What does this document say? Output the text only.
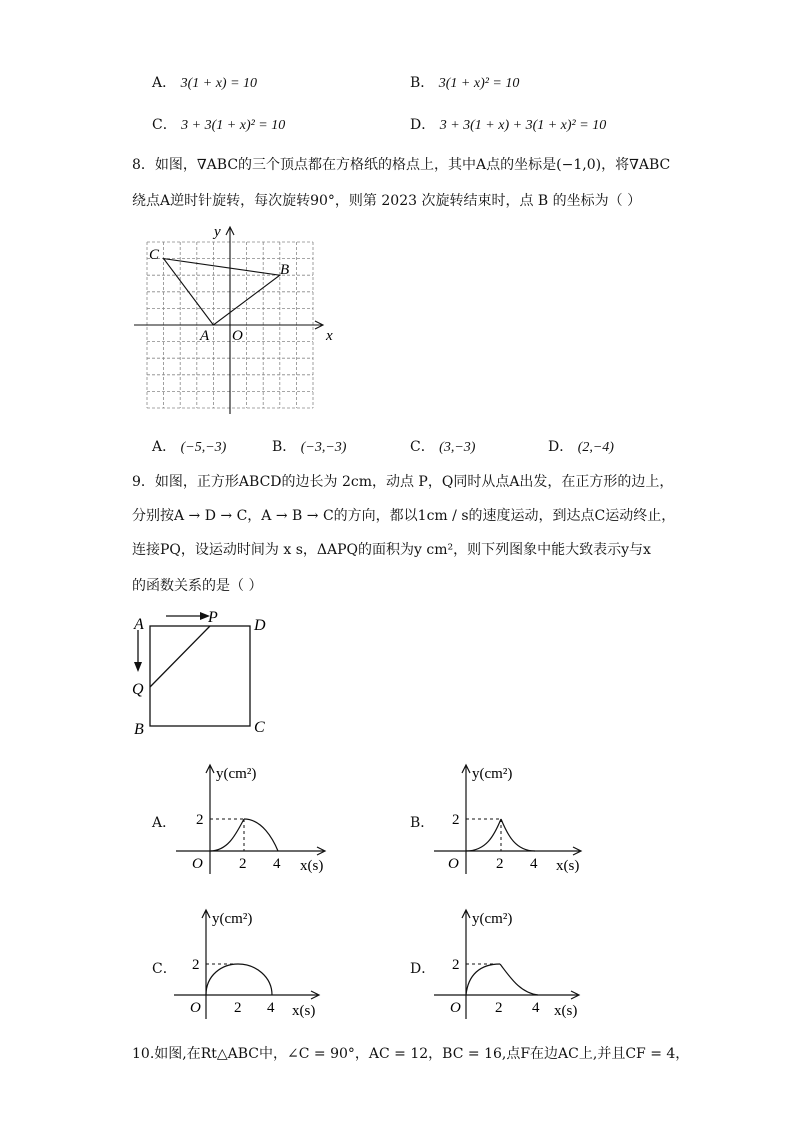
A． 3(1 + x) = 10	B． 3(1 + x)² = 10
C． 3 + 3(1 + x)² = 10	D． 3 + 3(1 + x) + 3(1 + x)² = 10
8．如图，∇ABC的三个顶点都在方格纸的格点上，其中A点的坐标是(−1,0)，将∇ABC
绕点A逆时针旋转，每次旋转90°，则第 2023 次旋转结束时，点 B 的坐标为（ ）
x
y
O
A
B
C
A． (−5,−3)	B． (−3,−3)	C． (3,−3)	D． (2,−4)
9．如图，正方形ABCD的边长为 2cm，动点 P，Q同时从点A出发，在正方形的边上，
分别按A → D → C，A → B → C的方向，都以1cm / s的速度运动，到达点C运动终止，
连接PQ，设运动时间为 x s，ΔAPQ的面积为y cm²，则下列图象中能大致表示y与x
的函数关系的是（ ）
A	P D
Q
B	C
A．
y(cm²)
2
O 2 4 x(s)
B．
y(cm²)
2
O 2 4 x(s)
C．
y(cm²)
2
O 2 4 x(s)
D．
y(cm²)
2
O 2 4 x(s)
10.如图,在Rt△ABC中，∠C = 90°，AC = 12，BC = 16,点F在边AC上,并且CF = 4，
